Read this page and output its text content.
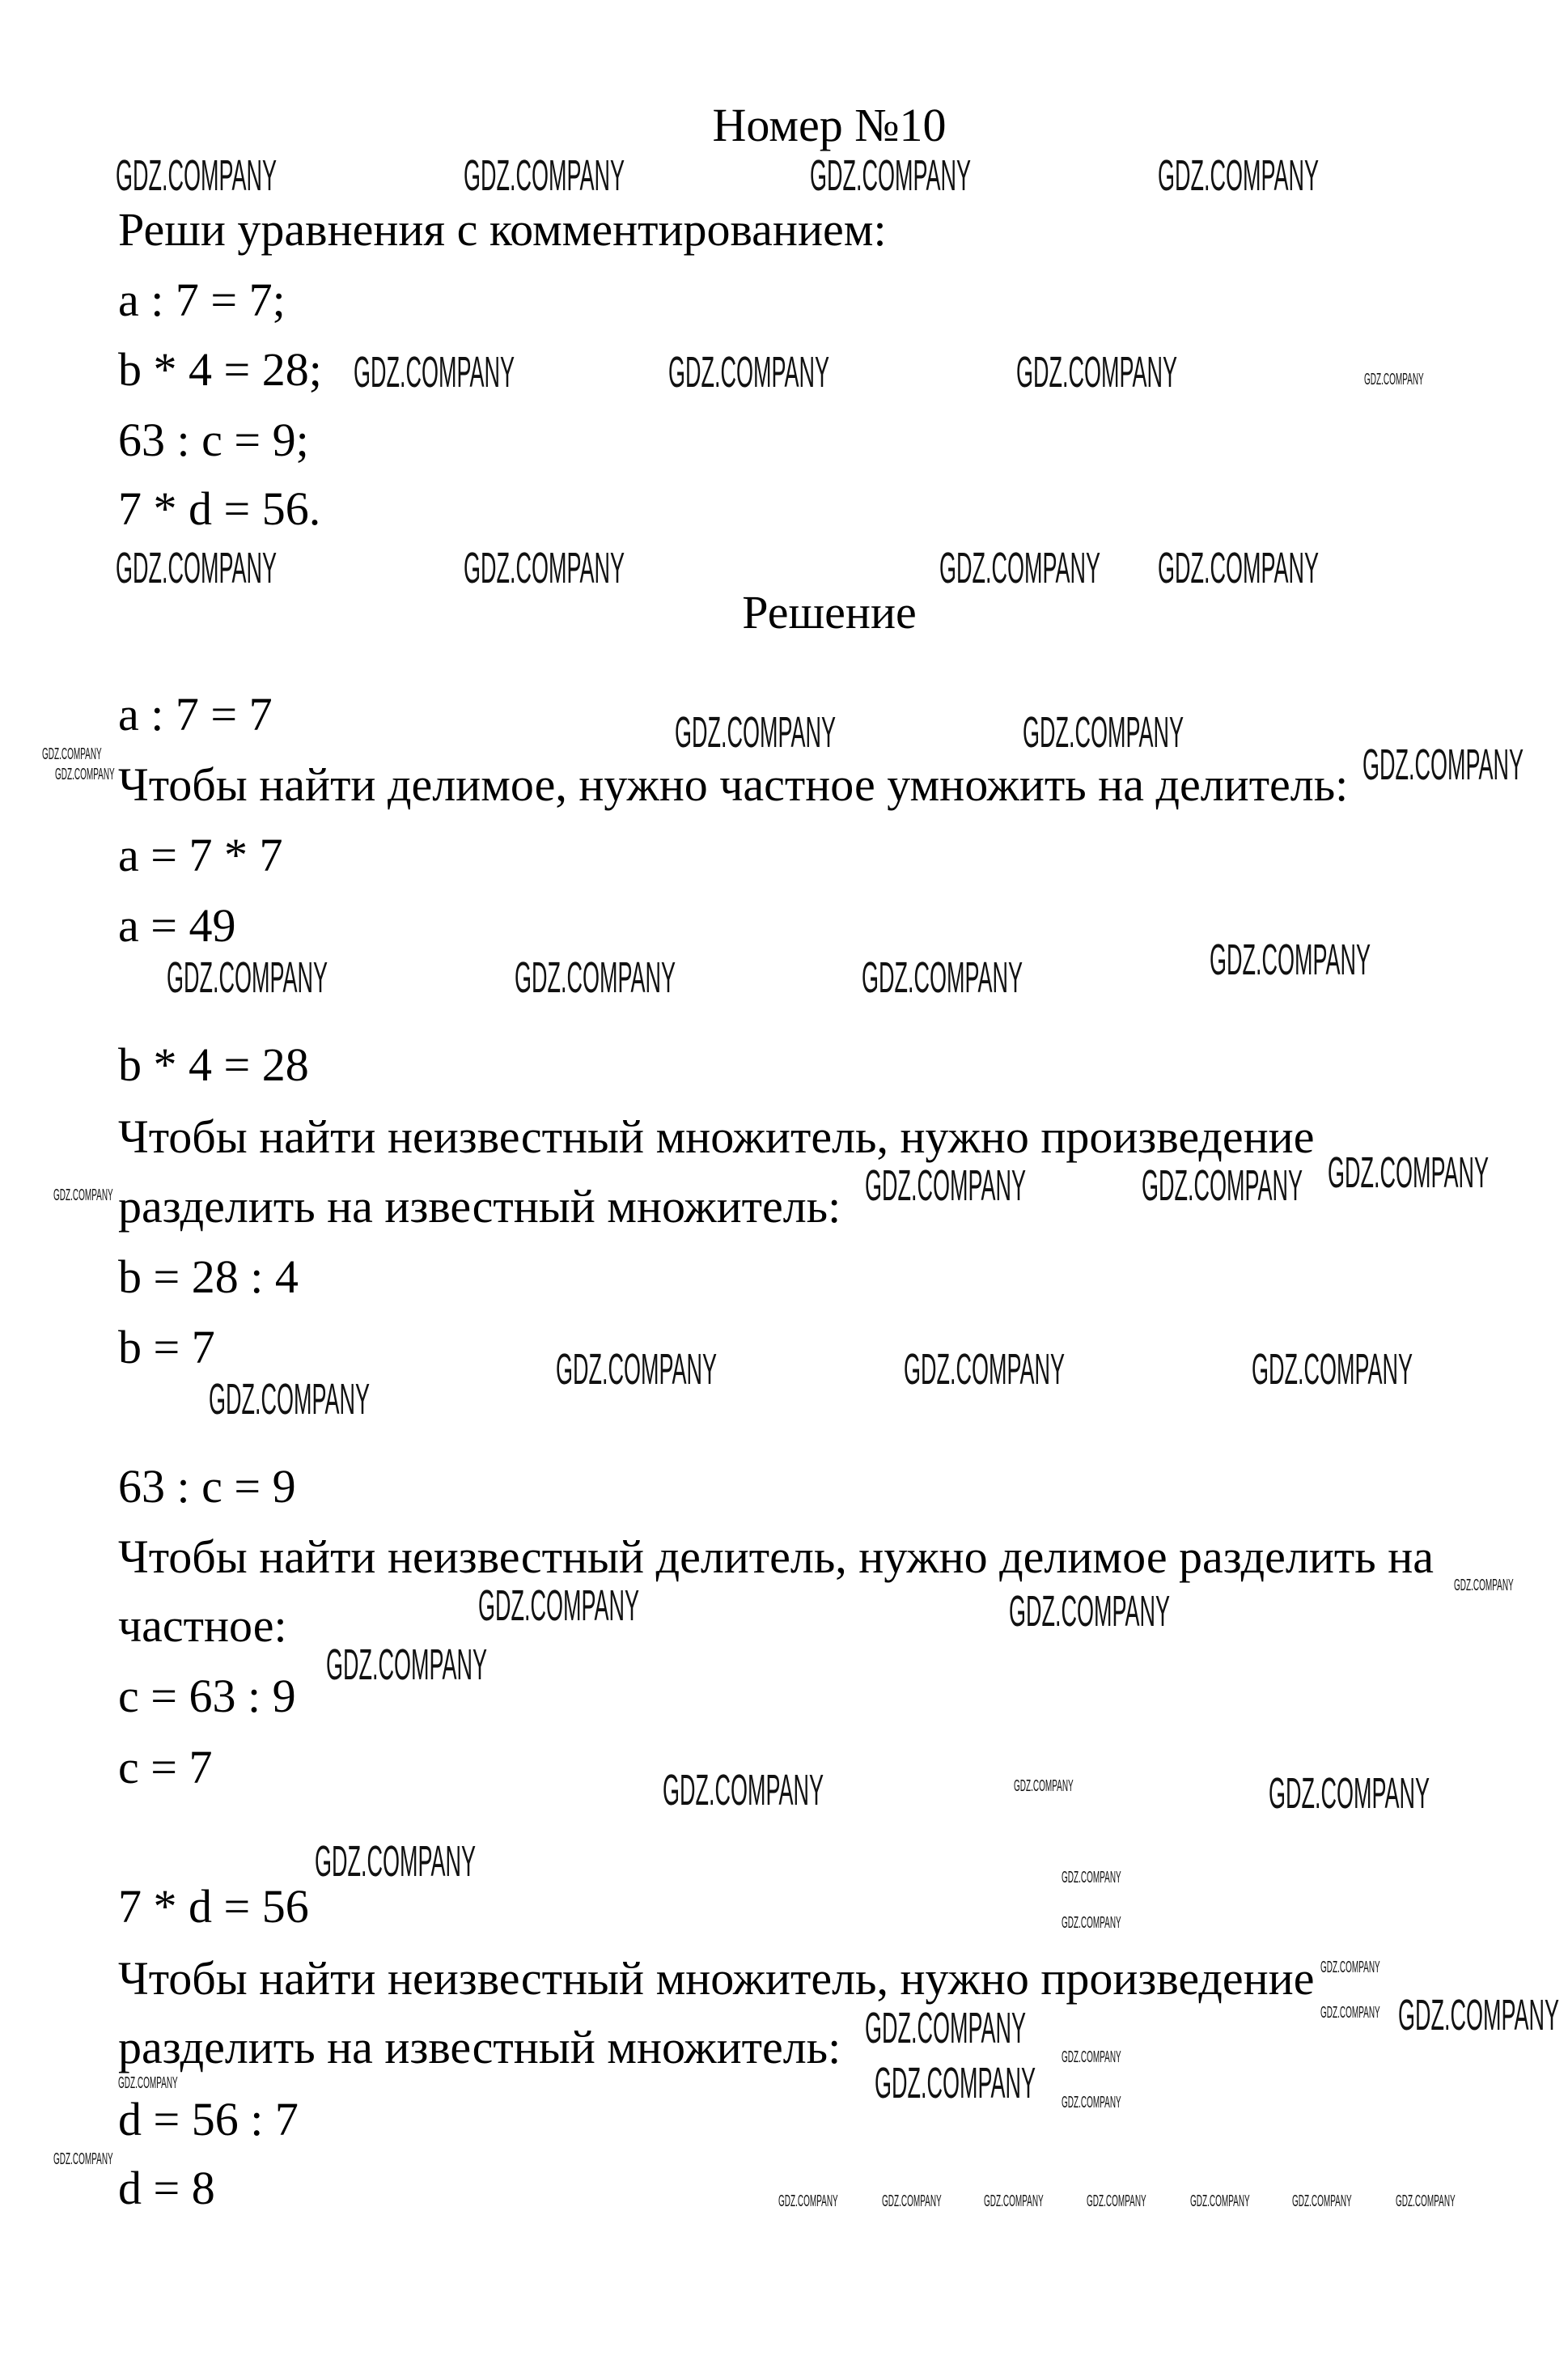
Номер №10
Реши уравнения с комментированием:
a : 7 = 7;
b * 4 = 28;
63 : c = 9;
7 * d = 56.
Решение
a : 7 = 7
Чтобы найти делимое, нужно частное умножить на делитель:
a = 7 * 7
a = 49
b * 4 = 28
Чтобы найти неизвестный множитель, нужно произведение
разделить на известный множитель:
b = 28 : 4
b = 7
63 : c = 9
Чтобы найти неизвестный делитель, нужно делимое разделить на
частное:
c = 63 : 9
c = 7
7 * d = 56
Чтобы найти неизвестный множитель, нужно произведение
разделить на известный множитель:
d = 56 : 7
d = 8
GDZ.COMPANY	GDZ.COMPANY	GDZ.COMPANY	GDZ.COMPANY
GDZ.COMPANY	GDZ.COMPANY	GDZ.COMPANY	GDZ.COMPANY
GDZ.COMPANY	GDZ.COMPANY	GDZ.COMPANY GDZ.COMPANY
GDZ.COMPANY
GDZ.COMPANY	GDZ.COMPANY
GDZ.COMPANY
GDZ.COMPANY
GDZ.COMPANY	GDZ.COMPANY	GDZ.COMPANY	GDZ.COMPANY
GDZ.COMPANY
GDZ.COMPANY	GDZ.COMPANY
GDZ.COMPANY
GDZ.COMPANY	GDZ.COMPANY	GDZ.COMPANY
GDZ.COMPANY
GDZ.COMPANY	GDZ.COMPANY
GDZ.COMPANY
GDZ.COMPANY
GDZ.COMPANY	GDZ.COMPANY	GDZ.COMPANY
GDZ.COMPANY	GDZ.COMPANY
GDZ.COMPANY
GDZ.COMPANY
GDZ.COMPANY
GDZ.COMPANY
GDZ.COMPANY
GDZ.COMPANY	GDZ.COMPANY
GDZ.COMPANY
GDZ.COMPANY
GDZ.COMPANY
GDZ.COMPANY	GDZ.COMPANY	GDZ.COMPANY	GDZ.COMPANY	GDZ.COMPANY	GDZ.COMPANY	GDZ.COMPANY
